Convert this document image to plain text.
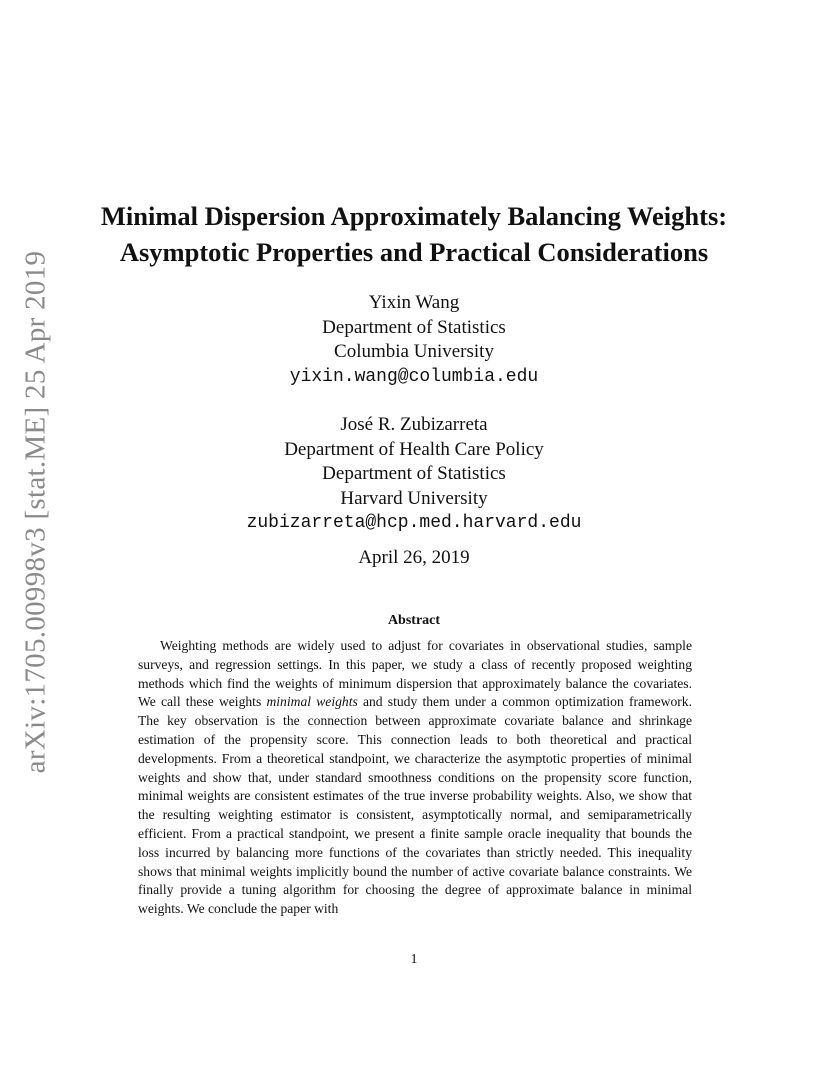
arXiv:1705.00998v3 [stat.ME] 25 Apr 2019
Minimal Dispersion Approximately Balancing Weights:
Asymptotic Properties and Practical Considerations
Yixin Wang
Department of Statistics
Columbia University
yixin.wang@columbia.edu
José R. Zubizarreta
Department of Health Care Policy
Department of Statistics
Harvard University
zubizarreta@hcp.med.harvard.edu
April 26, 2019
Abstract

Weighting methods are widely used to adjust for covariates in observational studies, sample surveys, and regression settings. In this paper, we study a class of recently proposed weighting methods which find the weights of minimum dispersion that approximately balance the covariates. We call these weights minimal weights and study them under a common optimization framework. The key observation is the connection between approximate covariate balance and shrinkage estimation of the propensity score. This connection leads to both theoretical and practical developments. From a theoretical standpoint, we characterize the asymptotic properties of minimal weights and show that, under standard smoothness conditions on the propensity score function, minimal weights are consistent estimates of the true inverse probability weights. Also, we show that the resulting weighting estimator is consistent, asymptotically normal, and semiparametrically efficient. From a practical standpoint, we present a finite sample oracle inequality that bounds the loss incurred by balancing more functions of the covariates than strictly needed. This inequality shows that minimal weights implicitly bound the number of active covariate balance constraints. We finally provide a tuning algorithm for choosing the degree of approximate balance in minimal weights. We conclude the paper with

1
